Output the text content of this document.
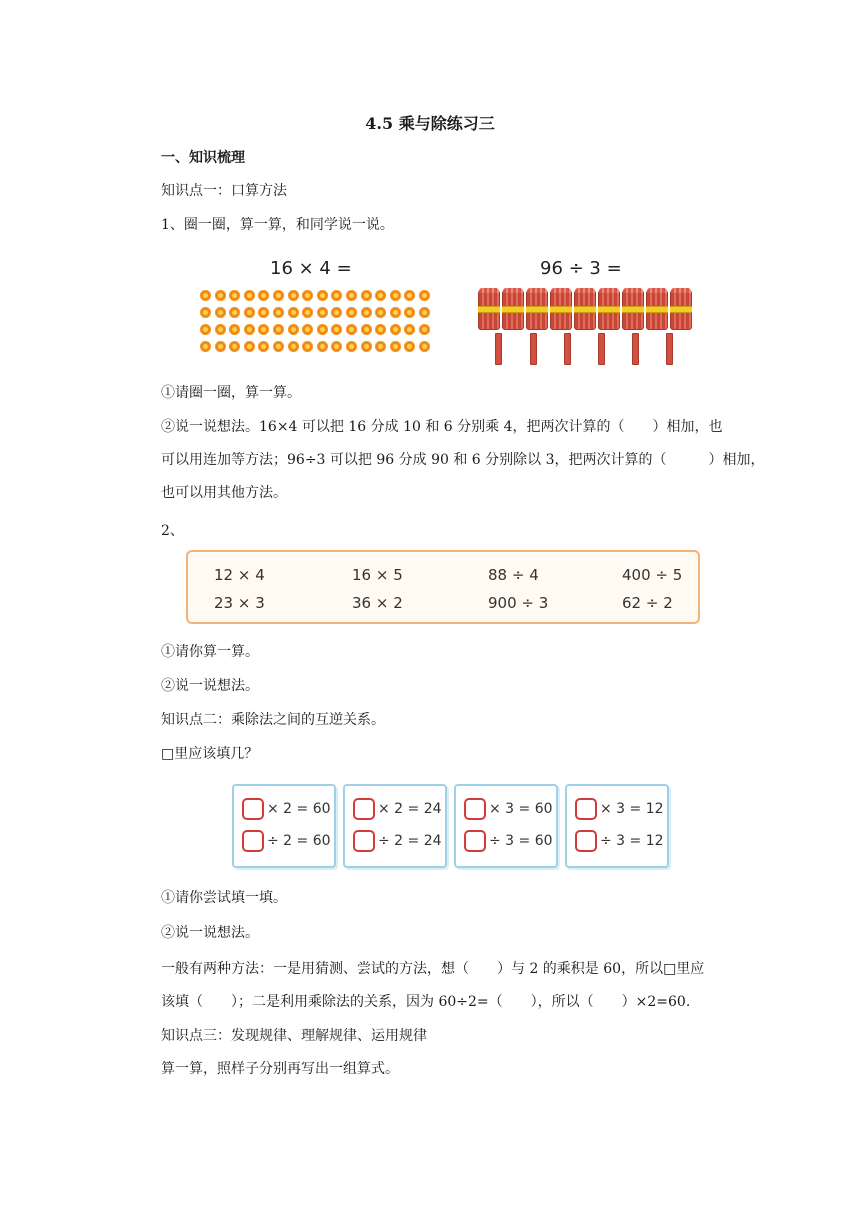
4.5 乘与除练习三
一、知识梳理
知识点一：口算方法
1、圈一圈，算一算，和同学说一说。
16 × 4 =	96 ÷ 3 =
①请圈一圈，算一算。
②说一说想法。16×4 可以把 16 分成 10 和 6 分别乘 4，把两次计算的（　　）相加，也
可以用连加等方法；96÷3 可以把 96 分成 90 和 6 分别除以 3，把两次计算的（　　　）相加，
也可以用其他方法。
2、
12 × 4	16 × 5	88 ÷ 4	400 ÷ 5
23 × 3	36 × 2	900 ÷ 3	62 ÷ 2
①请你算一算。
②说一说想法。
知识点二：乘除法之间的互逆关系。
□里应该填几？
× 2 = 60
÷ 2 = 60
× 2 = 24
÷ 2 = 24
× 3 = 60
÷ 3 = 60
× 3 = 12
÷ 3 = 12
①请你尝试填一填。
②说一说想法。
一般有两种方法：一是用猜测、尝试的方法，想（　　）与 2 的乘积是 60，所以□里应
该填（　　）；二是利用乘除法的关系，因为 60÷2=（　　），所以（　　）×2=60.
知识点三：发现规律、理解规律、运用规律
算一算，照样子分别再写出一组算式。
